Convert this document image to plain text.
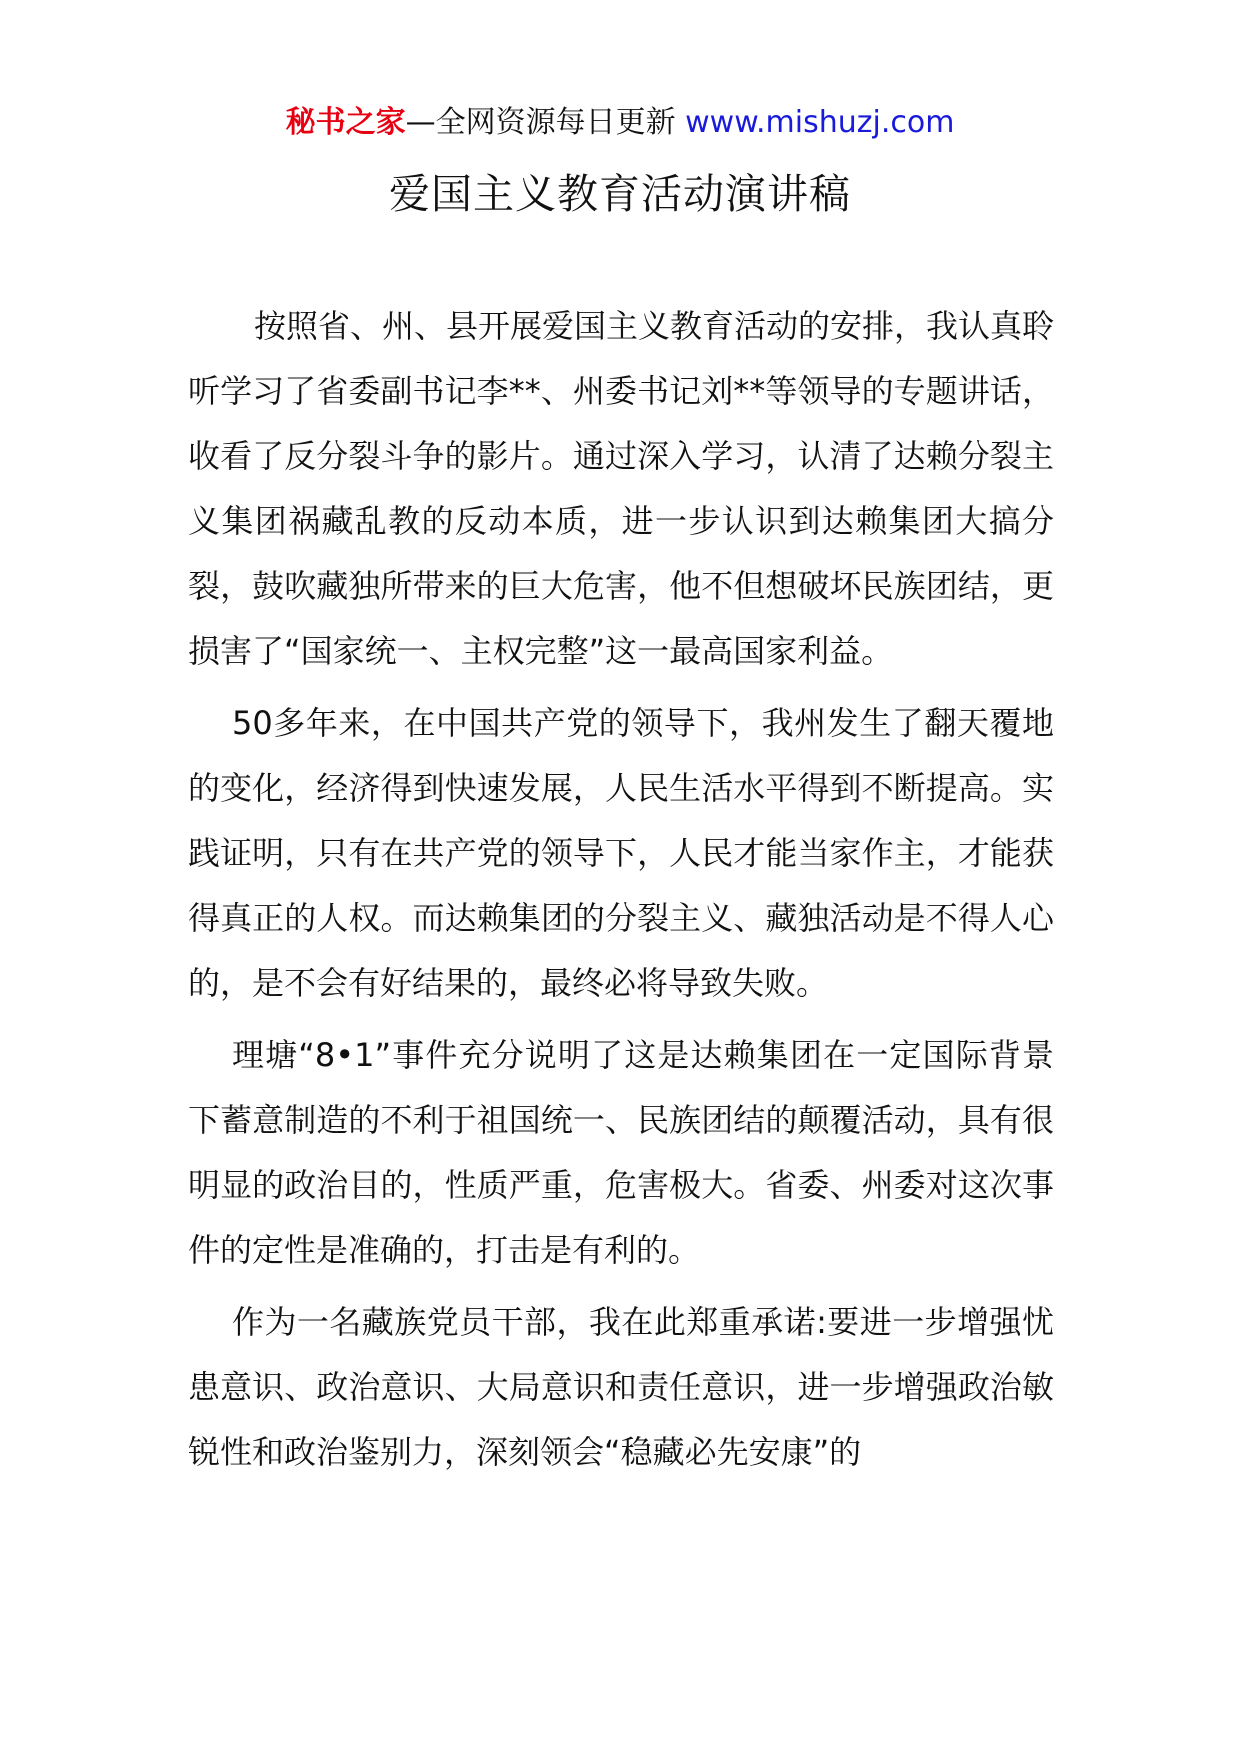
秘书之家—全网资源每日更新 www.mishuzj.com
爱国主义教育活动演讲稿

按照省、州、县开展爱国主义教育活动的安排，我认真聆听学习了省委副书记李**、州委书记刘**等领导的专题讲话，收看了反分裂斗争的影片。通过深入学习，认清了达赖分裂主义集团祸藏乱教的反动本质，进一步认识到达赖集团大搞分裂，鼓吹藏独所带来的巨大危害，他不但想破坏民族团结，更损害了“国家统一、主权完整”这一最高国家利益。

50多年来，在中国共产党的领导下，我州发生了翻天覆地的变化，经济得到快速发展，人民生活水平得到不断提高。实践证明，只有在共产党的领导下，人民才能当家作主，才能获得真正的人权。而达赖集团的分裂主义、藏独活动是不得人心的，是不会有好结果的，最终必将导致失败。

理塘“8•1”事件充分说明了这是达赖集团在一定国际背景下蓄意制造的不利于祖国统一、民族团结的颠覆活动，具有很明显的政治目的，性质严重，危害极大。省委、州委对这次事件的定性是准确的，打击是有利的。

作为一名藏族党员干部，我在此郑重承诺:要进一步增强忧患意识、政治意识、大局意识和责任意识，进一步增强政治敏锐性和政治鉴别力，深刻领会“稳藏必先安康”的
